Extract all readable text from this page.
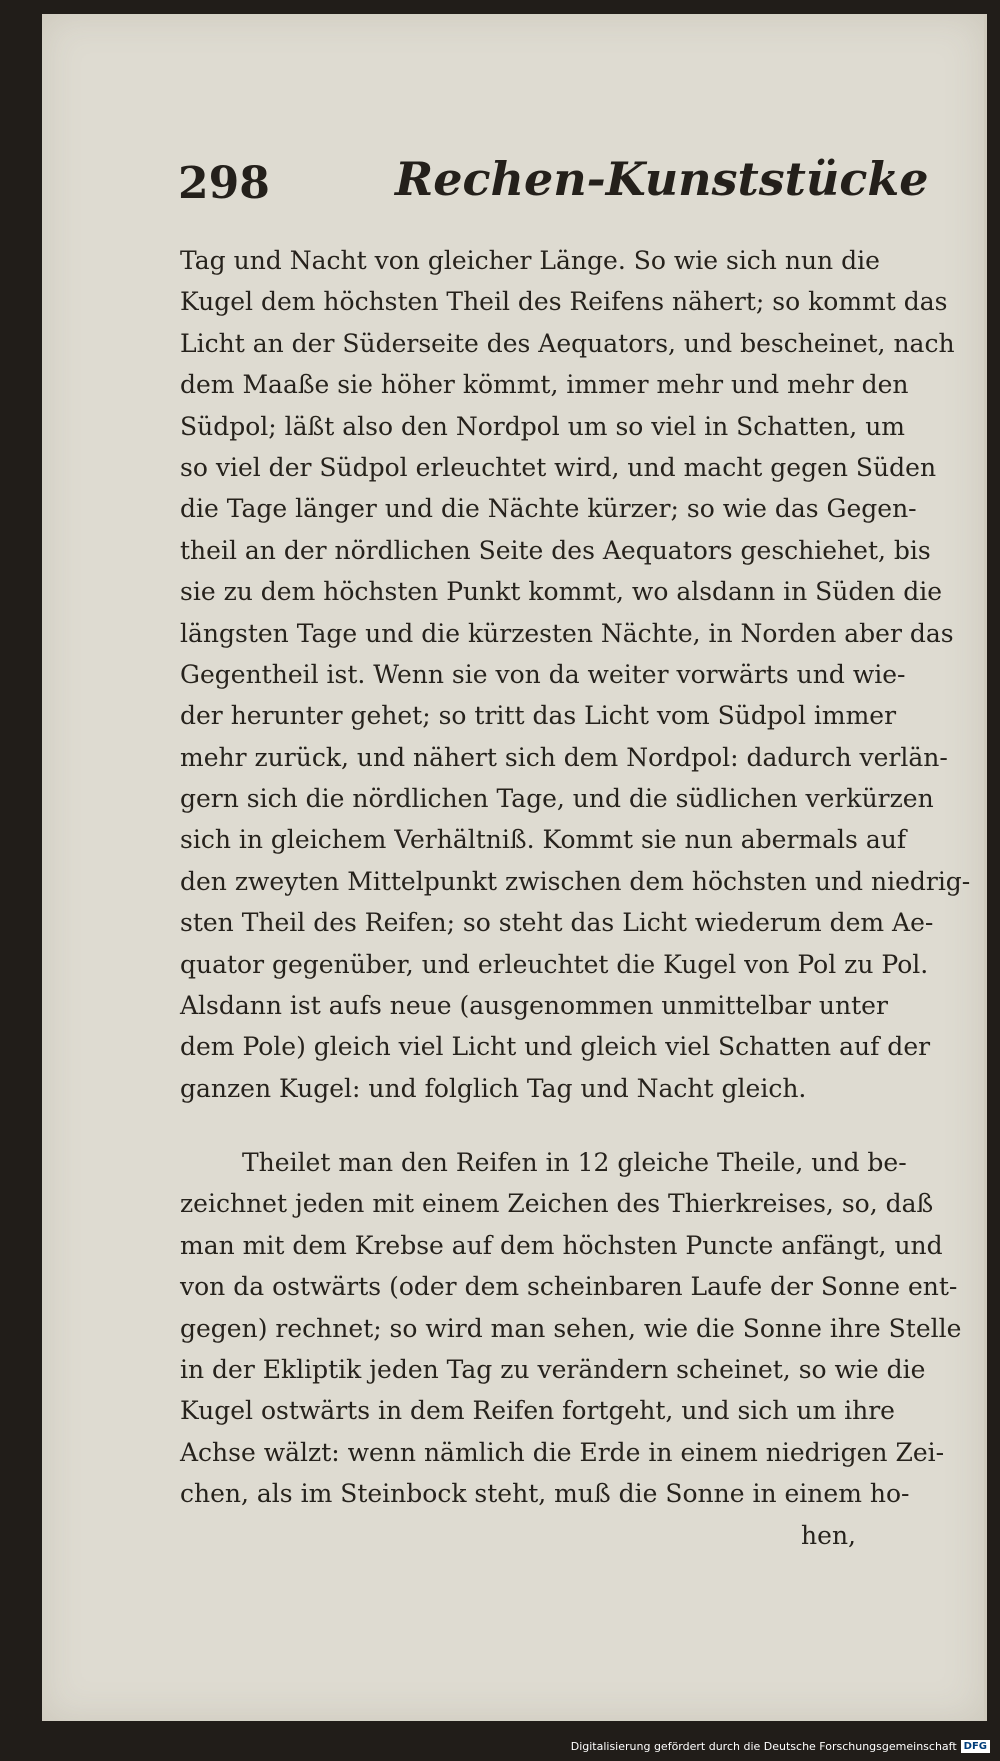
298	Rechen-Kunststücke
Tag und Nacht von gleicher Länge. So wie sich nun die
Kugel dem höchsten Theil des Reifens nähert; so kommt das
Licht an der Süderseite des Aequators, und bescheinet, nach
dem Maaße sie höher kömmt, immer mehr und mehr den
Südpol; läßt also den Nordpol um so viel in Schatten, um
so viel der Südpol erleuchtet wird, und macht gegen Süden
die Tage länger und die Nächte kürzer; so wie das Gegen-
theil an der nördlichen Seite des Aequators geschiehet, bis
sie zu dem höchsten Punkt kommt, wo alsdann in Süden die
längsten Tage und die kürzesten Nächte, in Norden aber das
Gegentheil ist. Wenn sie von da weiter vorwärts und wie-
der herunter gehet; so tritt das Licht vom Südpol immer
mehr zurück, und nähert sich dem Nordpol: dadurch verlän-
gern sich die nördlichen Tage, und die südlichen verkürzen
sich in gleichem Verhältniß. Kommt sie nun abermals auf
den zweyten Mittelpunkt zwischen dem höchsten und niedrig-
sten Theil des Reifen; so steht das Licht wiederum dem Ae-
quator gegenüber, und erleuchtet die Kugel von Pol zu Pol.
Alsdann ist aufs neue (ausgenommen unmittelbar unter
dem Pole) gleich viel Licht und gleich viel Schatten auf der
ganzen Kugel: und folglich Tag und Nacht gleich.
Theilet man den Reifen in 12 gleiche Theile, und be-
zeichnet jeden mit einem Zeichen des Thierkreises, so, daß
man mit dem Krebse auf dem höchsten Puncte anfängt, und
von da ostwärts (oder dem scheinbaren Laufe der Sonne ent-
gegen) rechnet; so wird man sehen, wie die Sonne ihre Stelle
in der Ekliptik jeden Tag zu verändern scheinet, so wie die
Kugel ostwärts in dem Reifen fortgeht, und sich um ihre
Achse wälzt: wenn nämlich die Erde in einem niedrigen Zei-
chen, als im Steinbock steht, muß die Sonne in einem ho-
hen,
Digitalisierung gefördert durch die Deutsche Forschungsgemeinschaft DFG
